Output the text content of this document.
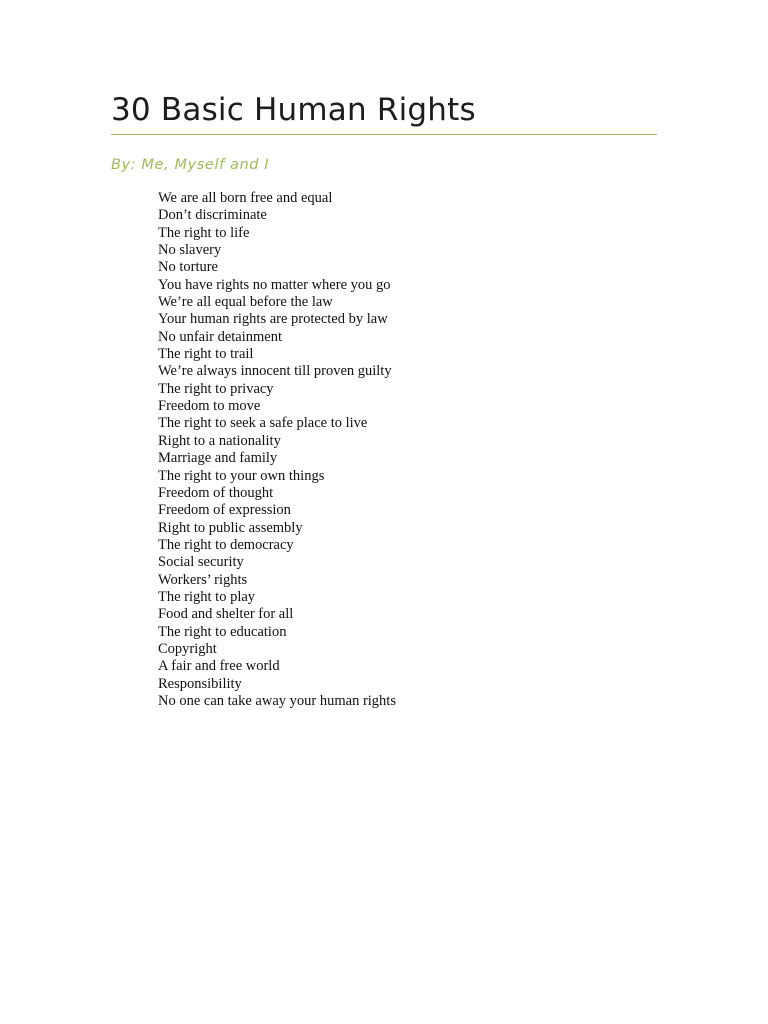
30 Basic Human Rights

By: Me, Myself and I

We are all born free and equal
Don’t discriminate
The right to life
No slavery
No torture
You have rights no matter where you go
We’re all equal before the law
Your human rights are protected by law
No unfair detainment
The right to trail
We’re always innocent till proven guilty
The right to privacy
Freedom to move
The right to seek a safe place to live
Right to a nationality
Marriage and family
The right to your own things
Freedom of thought
Freedom of expression
Right to public assembly
The right to democracy
Social security
Workers’ rights
The right to play
Food and shelter for all
The right to education
Copyright
A fair and free world
Responsibility
No one can take away your human rights
